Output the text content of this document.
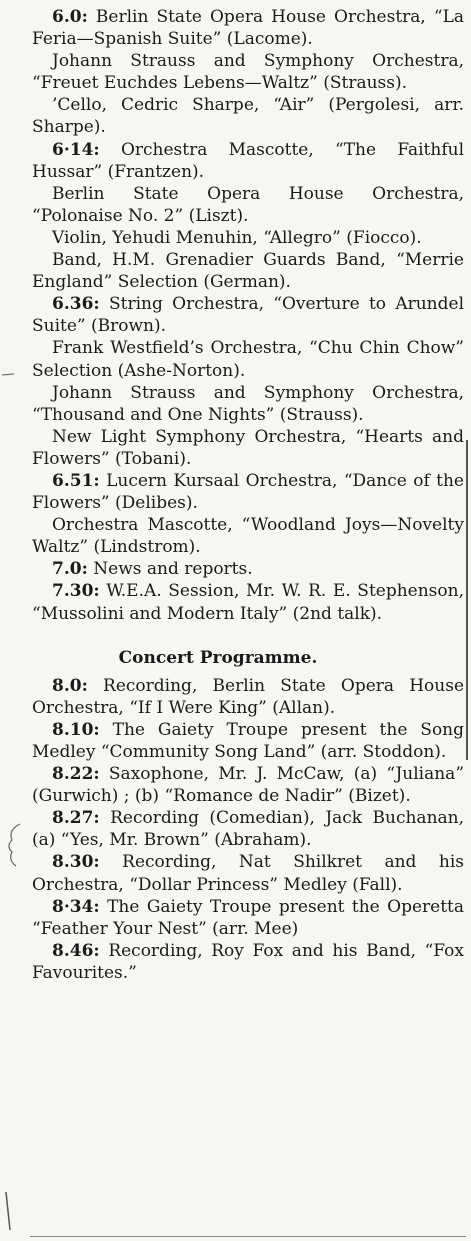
6.0: Berlin State Opera House Orchestra, “La Feria—Spanish Suite” (Lacome).

Johann Strauss and Symphony Orchestra, “Freuet Euchdes Lebens—Waltz” (Strauss).

’Cello, Cedric Sharpe, “Air” (Pergolesi, arr. Sharpe).

6·14: Orchestra Mascotte, “The Faithful Hussar” (Frantzen).

Berlin State Opera House Orchestra, “Polonaise No. 2” (Liszt).

Violin, Yehudi Menuhin, “Allegro” (Fiocco).

Band, H.M. Grenadier Guards Band, “Merrie England” Selection (German).

6.36: String Orchestra, “Overture to Arundel Suite” (Brown).

Frank Westfield’s Orchestra, “Chu Chin Chow” Selection (Ashe-Norton).

Johann Strauss and Symphony Orchestra, “Thousand and One Nights” (Strauss).

New Light Symphony Orchestra, “Hearts and Flowers” (Tobani).

6.51: Lucern Kursaal Orchestra, “Dance of the Flowers” (Delibes).

Orchestra Mascotte, “Woodland Joys—Novelty Waltz” (Lindstrom).

7.0: News and reports.

7.30: W.E.A. Session, Mr. W. R. E. Stephenson, “Mussolini and Modern Italy” (2nd talk).

Concert Programme.

8.0: Recording, Berlin State Opera House Orchestra, “If I Were King” (Allan).

8.10: The Gaiety Troupe present the Song Medley “Community Song Land” (arr. Stoddon).

8.22: Saxophone, Mr. J. McCaw, (a) “Juliana” (Gurwich) ; (b) “Romance de Nadir” (Bizet).

8.27: Recording (Comedian), Jack Buchanan, (a) “Yes, Mr. Brown” (Abraham).

8.30: Recording, Nat Shilkret and his Orchestra, “Dollar Princess” Medley (Fall).

8·34: The Gaiety Troupe present the Operetta “Feather Your Nest” (arr. Mee)

8.46: Recording, Roy Fox and his Band, “Fox Favourites.”
